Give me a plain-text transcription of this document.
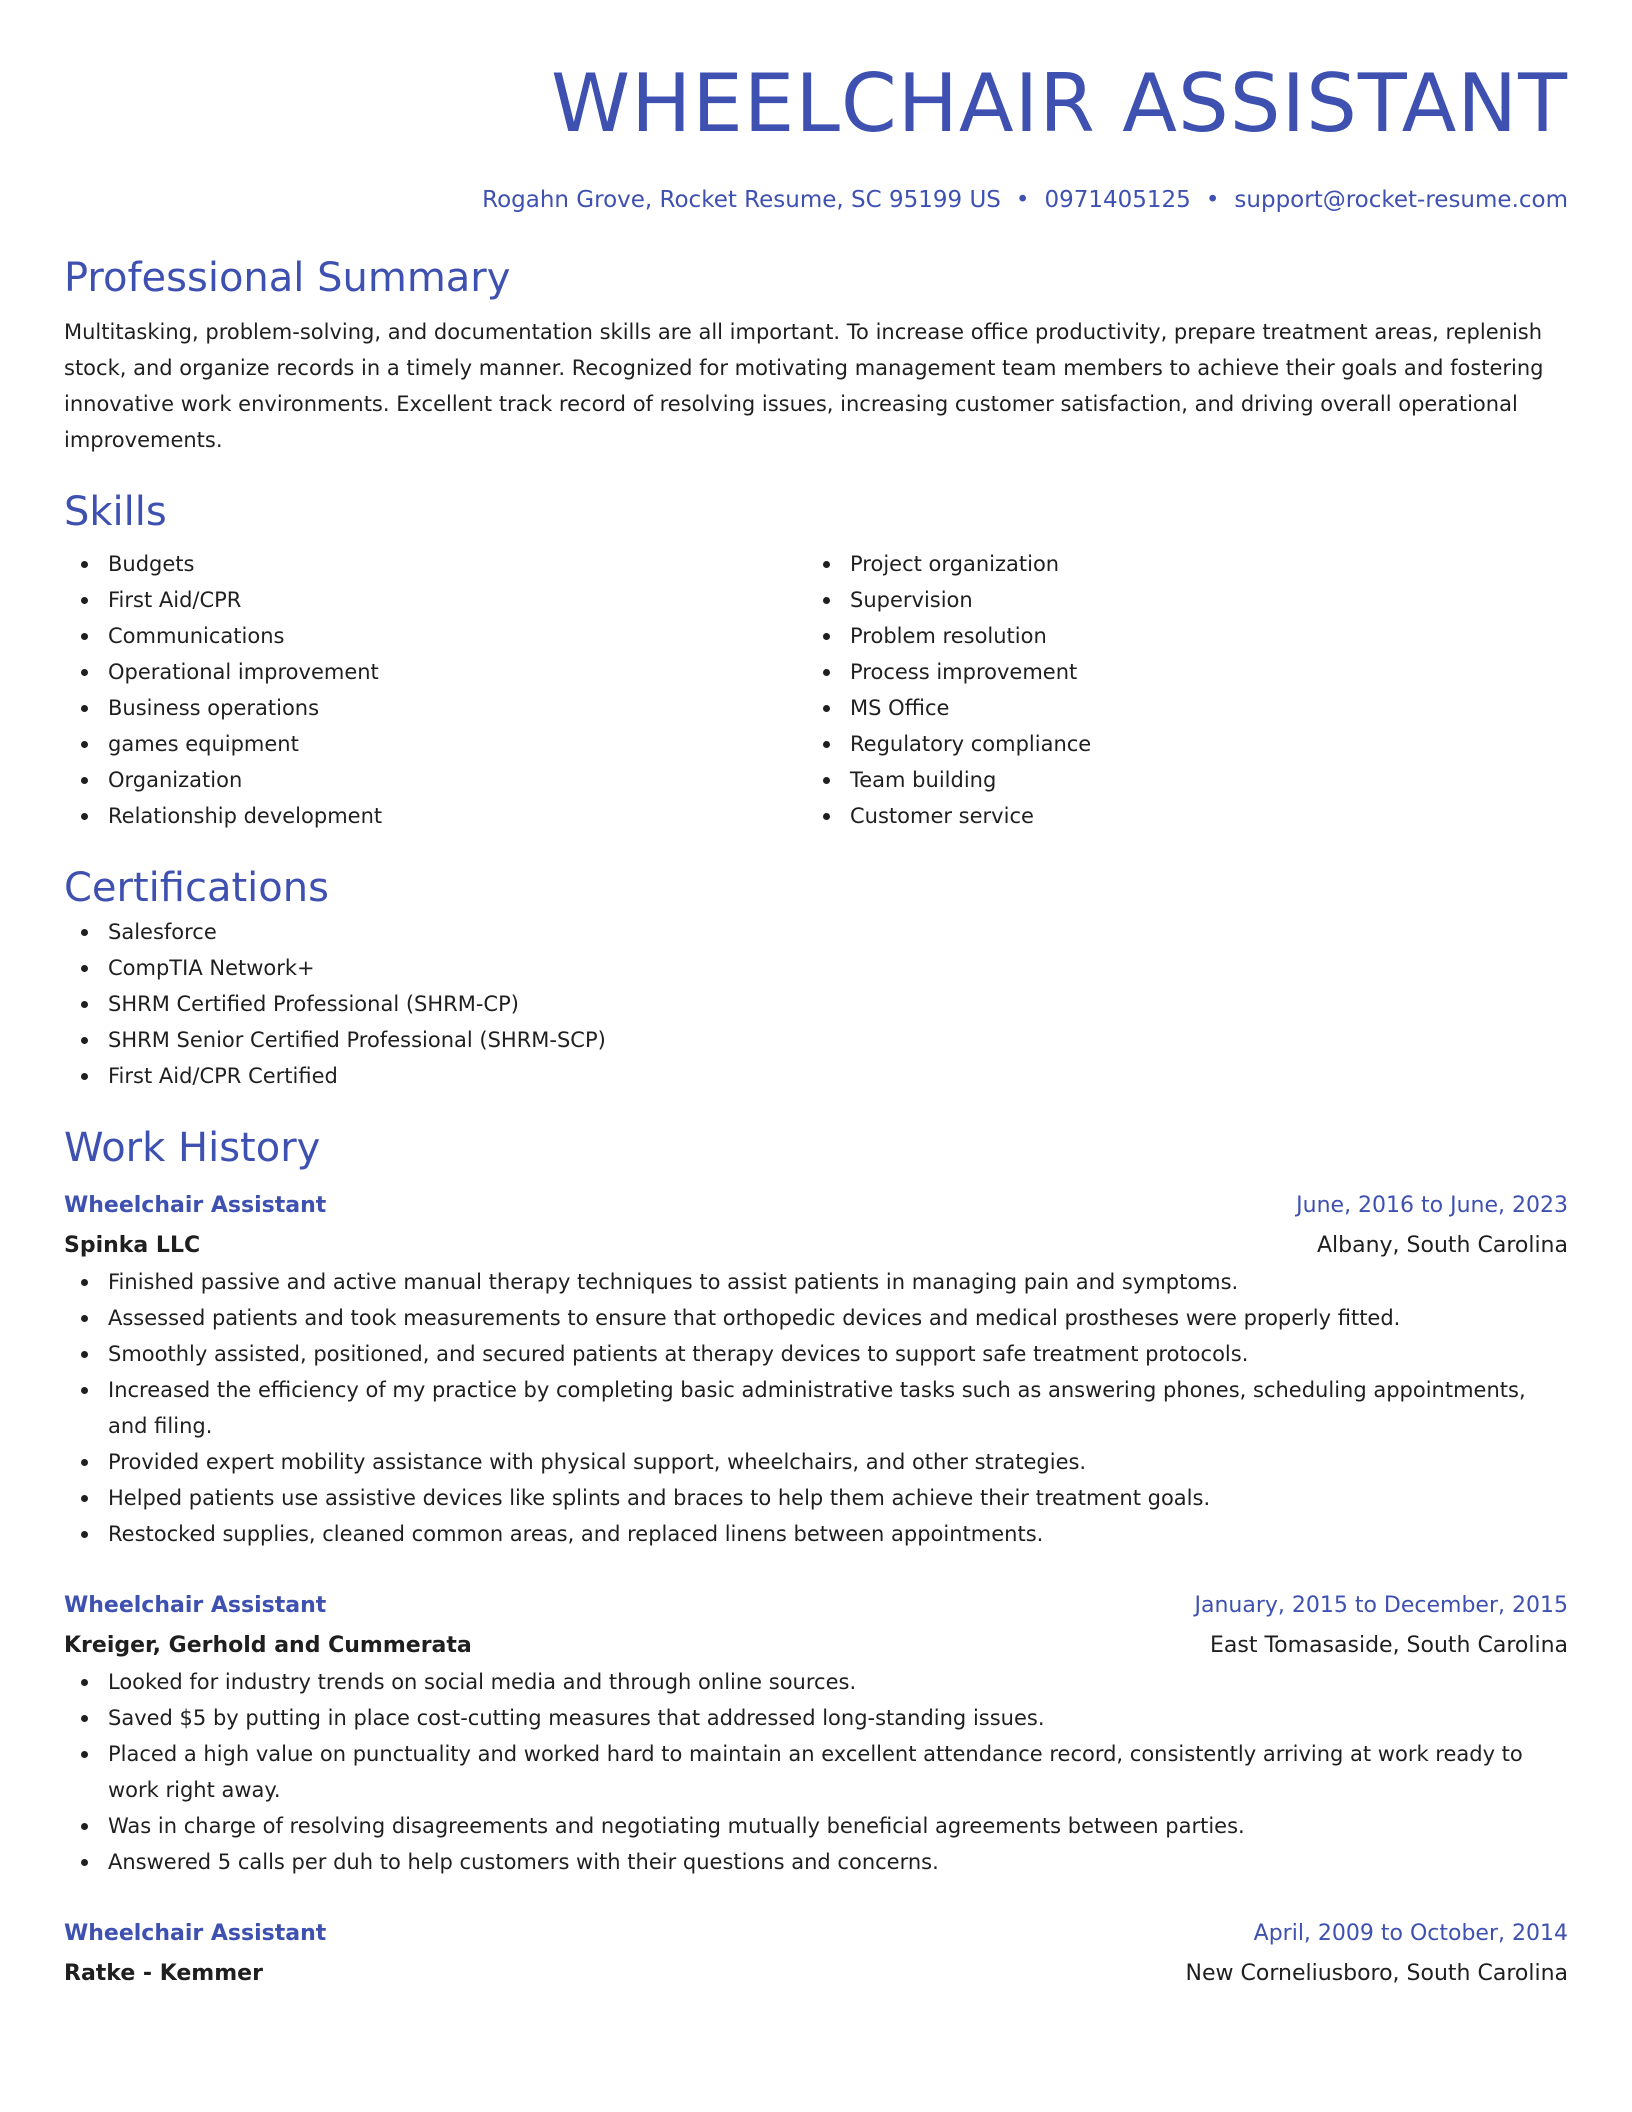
WHEELCHAIR ASSISTANT
Rogahn Grove, Rocket Resume, SC 95199 US • 0971405125 • support@rocket-resume.com
Professional Summary

Multitasking, problem-solving, and documentation skills are all important. To increase office productivity, prepare treatment areas, replenish stock, and organize records in a timely manner. Recognized for motivating management team members to achieve their goals and fostering innovative work environments. Excellent track record of resolving issues, increasing customer satisfaction, and driving overall operational improvements.

Skills
Budgets
First Aid/CPR
Communications
Operational improvement
Business operations
games equipment
Organization
Relationship development
Project organization
Supervision
Problem resolution
Process improvement
MS Office
Regulatory compliance
Team building
Customer service
Certifications
Salesforce
CompTIA Network+
SHRM Certified Professional (SHRM-CP)
SHRM Senior Certified Professional (SHRM-SCP)
First Aid/CPR Certified
Work History
Wheelchair Assistant	June, 2016 to June, 2023
Spinka LLC	Albany, South Carolina
Finished passive and active manual therapy techniques to assist patients in managing pain and symptoms.
Assessed patients and took measurements to ensure that orthopedic devices and medical prostheses were properly fitted.
Smoothly assisted, positioned, and secured patients at therapy devices to support safe treatment protocols.
Increased the efficiency of my practice by completing basic administrative tasks such as answering phones, scheduling appointments, and filing.
Provided expert mobility assistance with physical support, wheelchairs, and other strategies.
Helped patients use assistive devices like splints and braces to help them achieve their treatment goals.
Restocked supplies, cleaned common areas, and replaced linens between appointments.
Wheelchair Assistant	January, 2015 to December, 2015
Kreiger, Gerhold and Cummerata	East Tomasaside, South Carolina
Looked for industry trends on social media and through online sources.
Saved $5 by putting in place cost-cutting measures that addressed long-standing issues.
Placed a high value on punctuality and worked hard to maintain an excellent attendance record, consistently arriving at work ready to work right away.
Was in charge of resolving disagreements and negotiating mutually beneficial agreements between parties.
Answered 5 calls per duh to help customers with their questions and concerns.
Wheelchair Assistant	April, 2009 to October, 2014
Ratke - Kemmer	New Corneliusboro, South Carolina
